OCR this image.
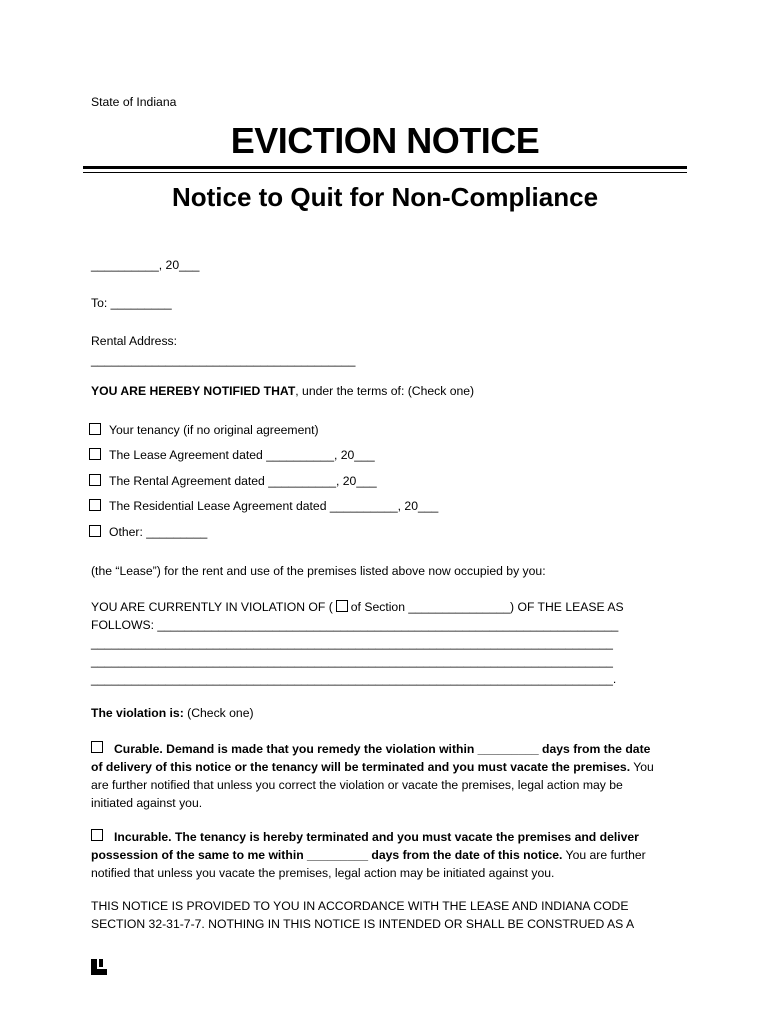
State of Indiana
EVICTION NOTICE
Notice to Quit for Non-Compliance
__________, 20___
To: _________
Rental Address:
_______________________________________
YOU ARE HEREBY NOTIFIED THAT, under the terms of: (Check one)
Your tenancy (if no original agreement)
The Lease Agreement dated __________, 20___
The Rental Agreement dated __________, 20___
The Residential Lease Agreement dated __________, 20___
Other: _________
(the “Lease”) for the rent and use of the premises listed above now occupied by you:
YOU ARE CURRENTLY IN VIOLATION OF ( of Section _______________) OF THE LEASE AS
FOLLOWS: ____________________________________________________________________
_____________________________________________________________________________
_____________________________________________________________________________
_____________________________________________________________________________.
The violation is: (Check one)
Curable. Demand is made that you remedy the violation within _________ days from the date
of delivery of this notice or the tenancy will be terminated and you must vacate the premises. You
are further notified that unless you correct the violation or vacate the premises, legal action may be
initiated against you.
Incurable. The tenancy is hereby terminated and you must vacate the premises and deliver
possession of the same to me within _________ days from the date of this notice. You are further
notified that unless you vacate the premises, legal action may be initiated against you.
THIS NOTICE IS PROVIDED TO YOU IN ACCORDANCE WITH THE LEASE AND INDIANA CODE
SECTION 32-31-7-7. NOTHING IN THIS NOTICE IS INTENDED OR SHALL BE CONSTRUED AS A
